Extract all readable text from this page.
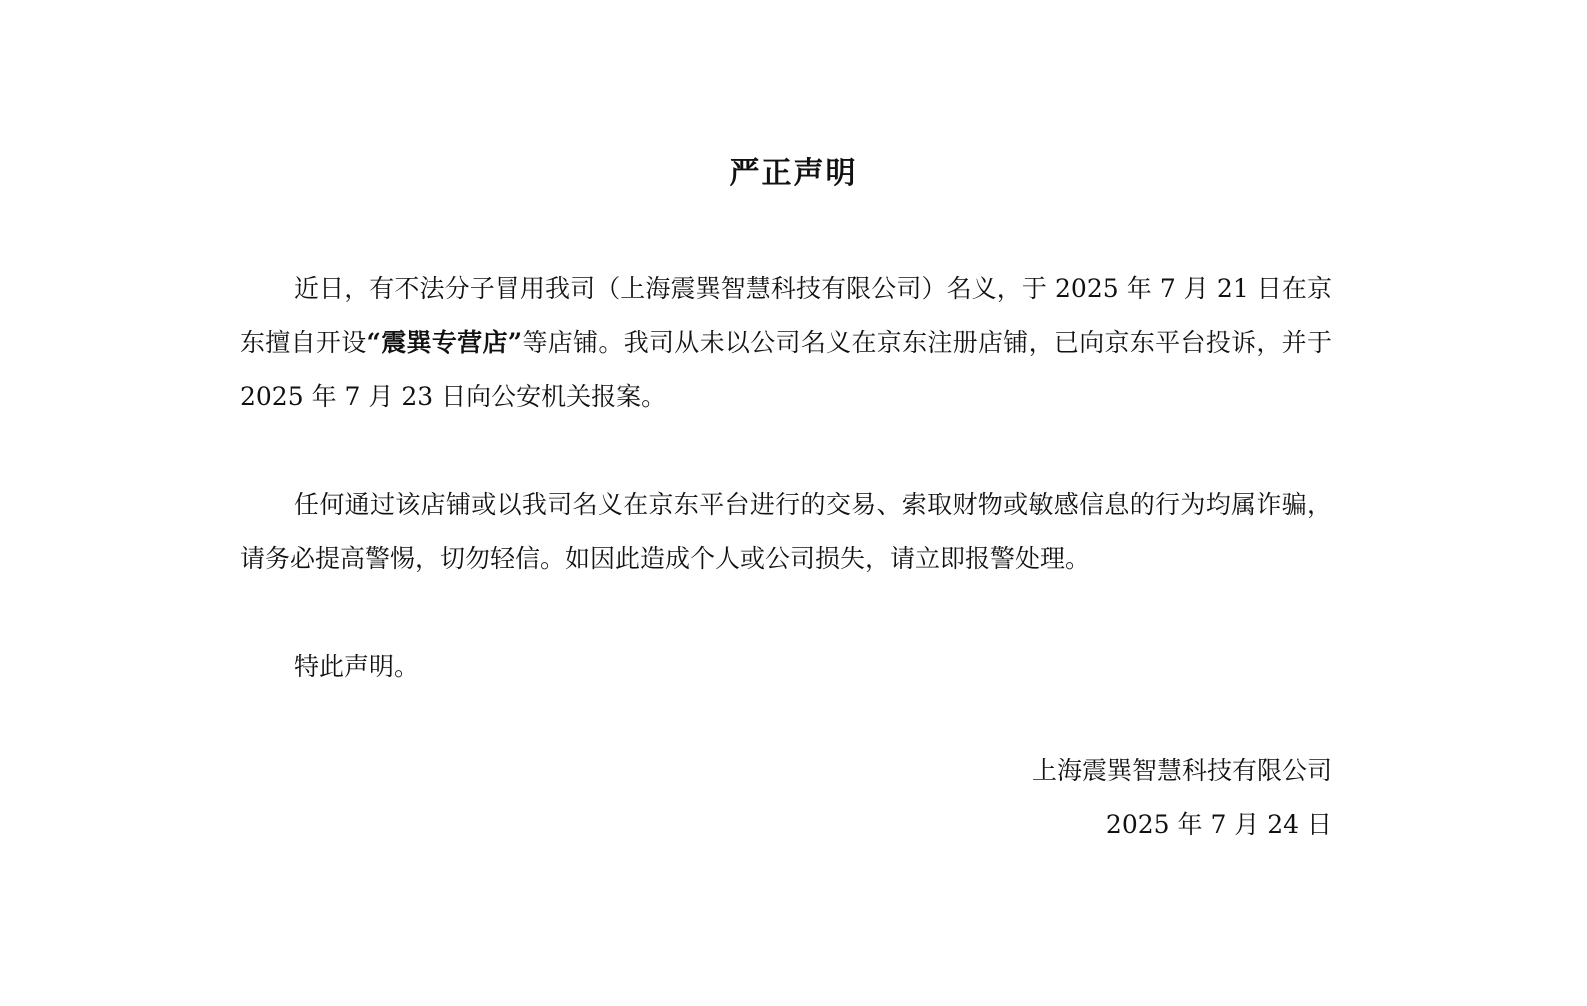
严正声明

近日，有不法分子冒用我司（上海震巽智慧科技有限公司）名义，于 2025 年 7 月 21 日在京东擅自开设“震巽专营店”等店铺。我司从未以公司名义在京东注册店铺，已向京东平台投诉，并于 2025 年 7 月 23 日向公安机关报案。

任何通过该店铺或以我司名义在京东平台进行的交易、索取财物或敏感信息的行为均属诈骗，请务必提高警惕，切勿轻信。如因此造成个人或公司损失，请立即报警处理。

特此声明。

上海震巽智慧科技有限公司
2025 年 7 月 24 日
